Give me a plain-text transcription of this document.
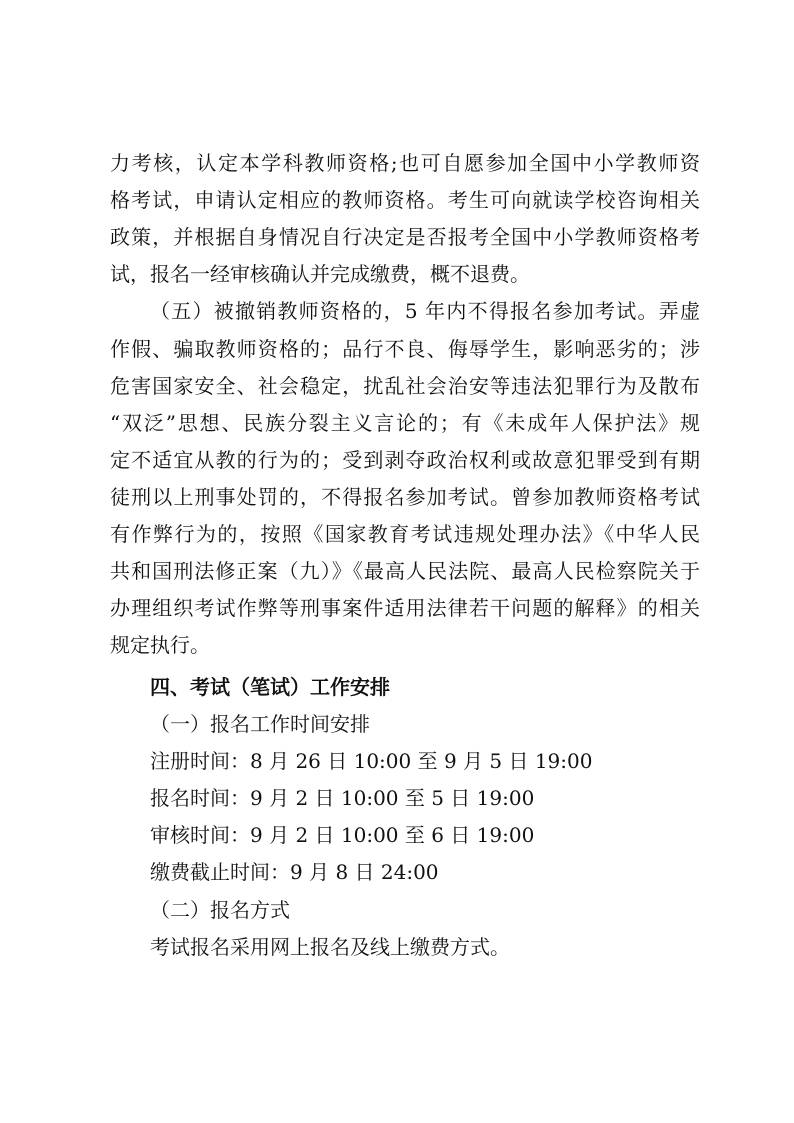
力考核，认定本学科教师资格;也可自愿参加全国中小学教师资
格考试，申请认定相应的教师资格。考生可向就读学校咨询相关
政策，并根据自身情况自行决定是否报考全国中小学教师资格考
试，报名一经审核确认并完成缴费，概不退费。
（五）被撤销教师资格的，5 年内不得报名参加考试。弄虚
作假、骗取教师资格的；品行不良、侮辱学生，影响恶劣的；涉
危害国家安全、社会稳定，扰乱社会治安等违法犯罪行为及散布
“双泛”思想、民族分裂主义言论的；有《未成年人保护法》规
定不适宜从教的行为的；受到剥夺政治权利或故意犯罪受到有期
徒刑以上刑事处罚的，不得报名参加考试。曾参加教师资格考试
有作弊行为的，按照《国家教育考试违规处理办法》《中华人民
共和国刑法修正案（九）》《最高人民法院、最高人民检察院关于
办理组织考试作弊等刑事案件适用法律若干问题的解释》的相关
规定执行。
四、考试（笔试）工作安排
（一）报名工作时间安排
注册时间：8 月 26 日 10:00 至 9 月 5 日 19:00
报名时间：9 月 2 日 10:00 至 5 日 19:00
审核时间：9 月 2 日 10:00 至 6 日 19:00
缴费截止时间：9 月 8 日 24:00
（二）报名方式
考试报名采用网上报名及线上缴费方式。
